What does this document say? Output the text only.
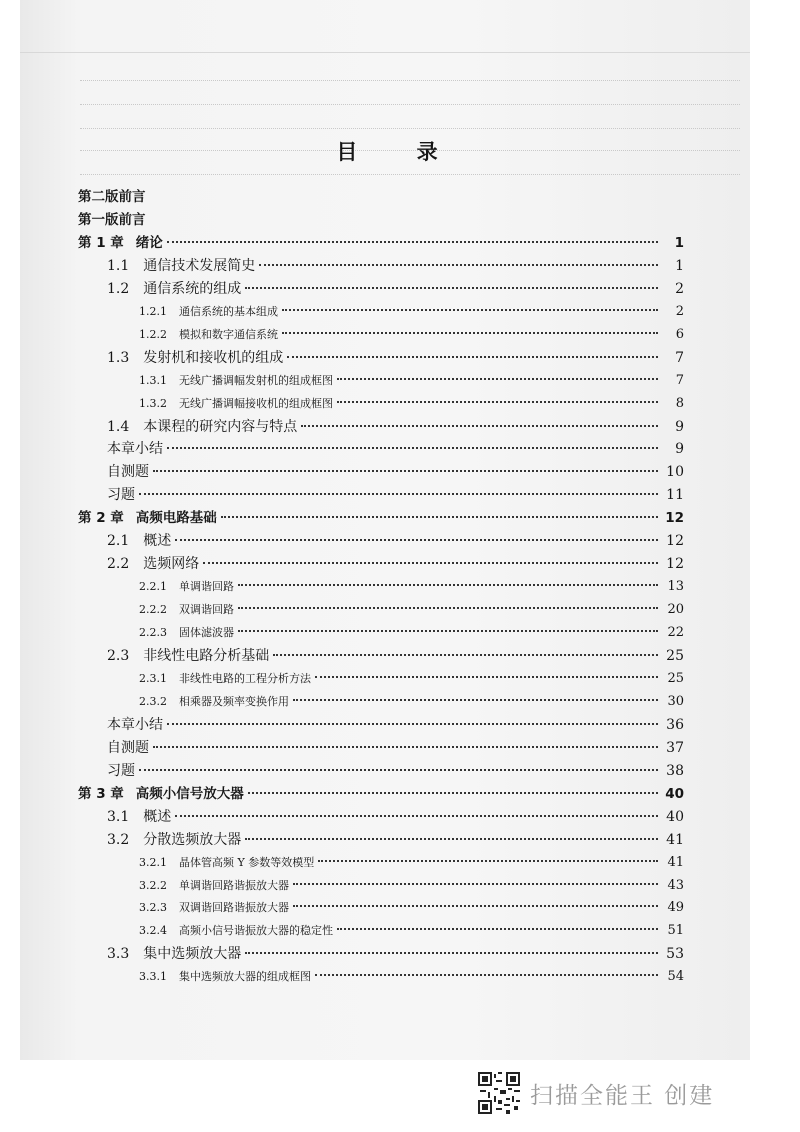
目 录
第二版前言
第一版前言
第 1 章 绪论	1
1.1 通信技术发展简史	1
1.2 通信系统的组成	2
1.2.1 通信系统的基本组成	2
1.2.2 模拟和数字通信系统	6
1.3 发射机和接收机的组成	7
1.3.1 无线广播调幅发射机的组成框图	7
1.3.2 无线广播调幅接收机的组成框图	8
1.4 本课程的研究内容与特点	9
本章小结	9
自测题	10
习题	11
第 2 章 高频电路基础	12
2.1 概述	12
2.2 选频网络	12
2.2.1 单调谐回路	13
2.2.2 双调谐回路	20
2.2.3 固体滤波器	22
2.3 非线性电路分析基础	25
2.3.1 非线性电路的工程分析方法	25
2.3.2 相乘器及频率变换作用	30
本章小结	36
自测题	37
习题	38
第 3 章 高频小信号放大器	40
3.1 概述	40
3.2 分散选频放大器	41
3.2.1 晶体管高频 Y 参数等效模型	41
3.2.2 单调谐回路谐振放大器	43
3.2.3 双调谐回路谐振放大器	49
3.2.4 高频小信号谐振放大器的稳定性	51
3.3 集中选频放大器	53
3.3.1 集中选频放大器的组成框图	54
扫描全能王 创建
